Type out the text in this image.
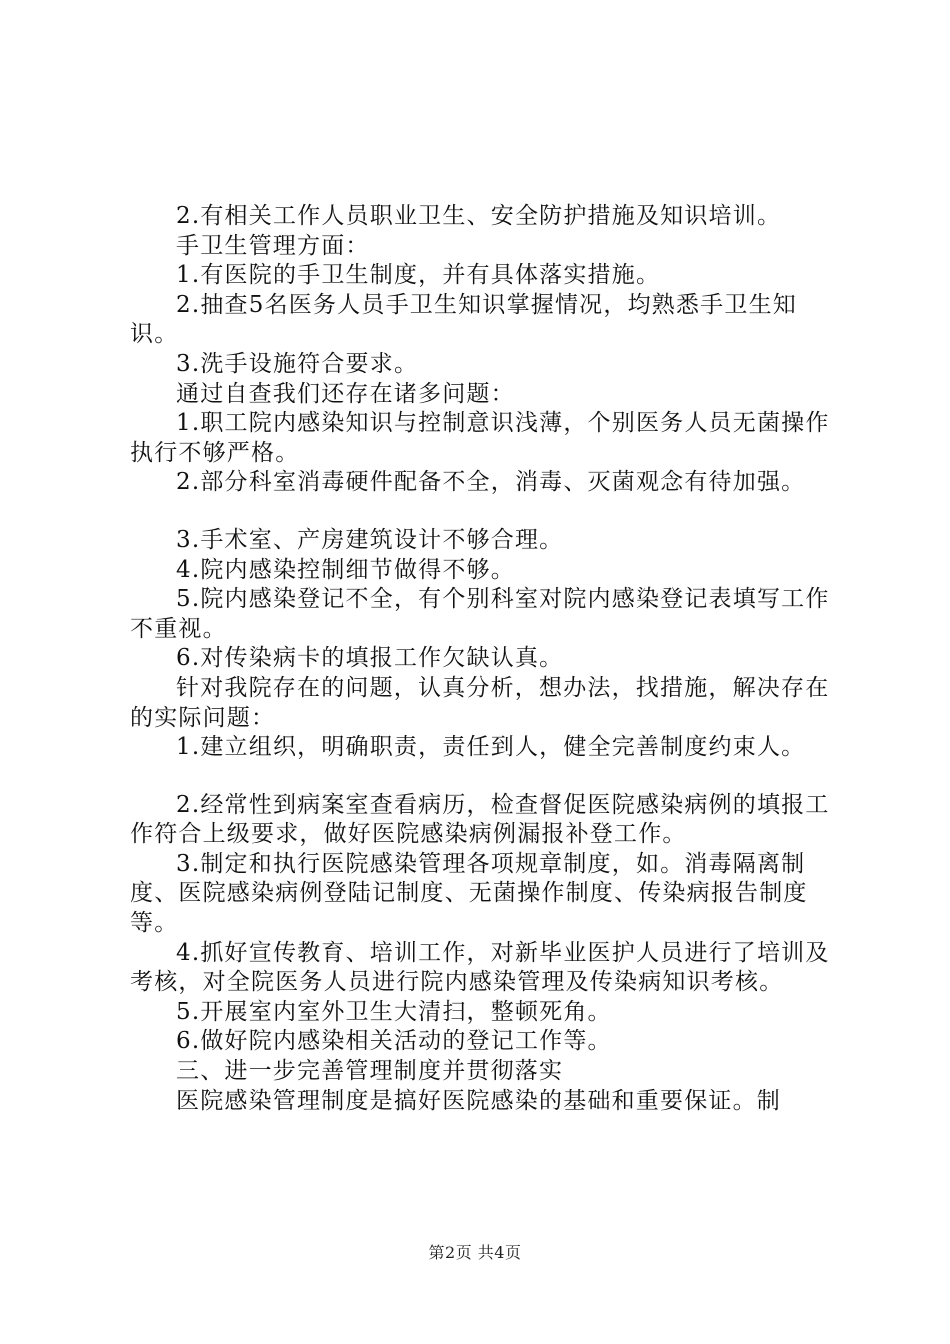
2.有相关工作人员职业卫生、安全防护措施及知识培训。

手卫生管理方面：

1.有医院的手卫生制度，并有具体落实措施。

2.抽查5名医务人员手卫生知识掌握情况，均熟悉手卫生知识。

3.洗手设施符合要求。

通过自查我们还存在诸多问题：

1.职工院内感染知识与控制意识浅薄，个别医务人员无菌操作执行不够严格。

2.部分科室消毒硬件配备不全，消毒、灭菌观念有待加强。

3.手术室、产房建筑设计不够合理。

4.院内感染控制细节做得不够。

5.院内感染登记不全，有个别科室对院内感染登记表填写工作不重视。

6.对传染病卡的填报工作欠缺认真。

针对我院存在的问题，认真分析，想办法，找措施，解决存在的实际问题：

1.建立组织，明确职责，责任到人，健全完善制度约束人。

2.经常性到病案室查看病历，检查督促医院感染病例的填报工作符合上级要求，做好医院感染病例漏报补登工作。

3.制定和执行医院感染管理各项规章制度，如。消毒隔离制度、医院感染病例登陆记制度、无菌操作制度、传染病报告制度等。

4.抓好宣传教育、培训工作，对新毕业医护人员进行了培训及考核，对全院医务人员进行院内感染管理及传染病知识考核。

5.开展室内室外卫生大清扫，整顿死角。

6.做好院内感染相关活动的登记工作等。

三、进一步完善管理制度并贯彻落实

医院感染管理制度是搞好医院感染的基础和重要保证。制

第2页 共4页
